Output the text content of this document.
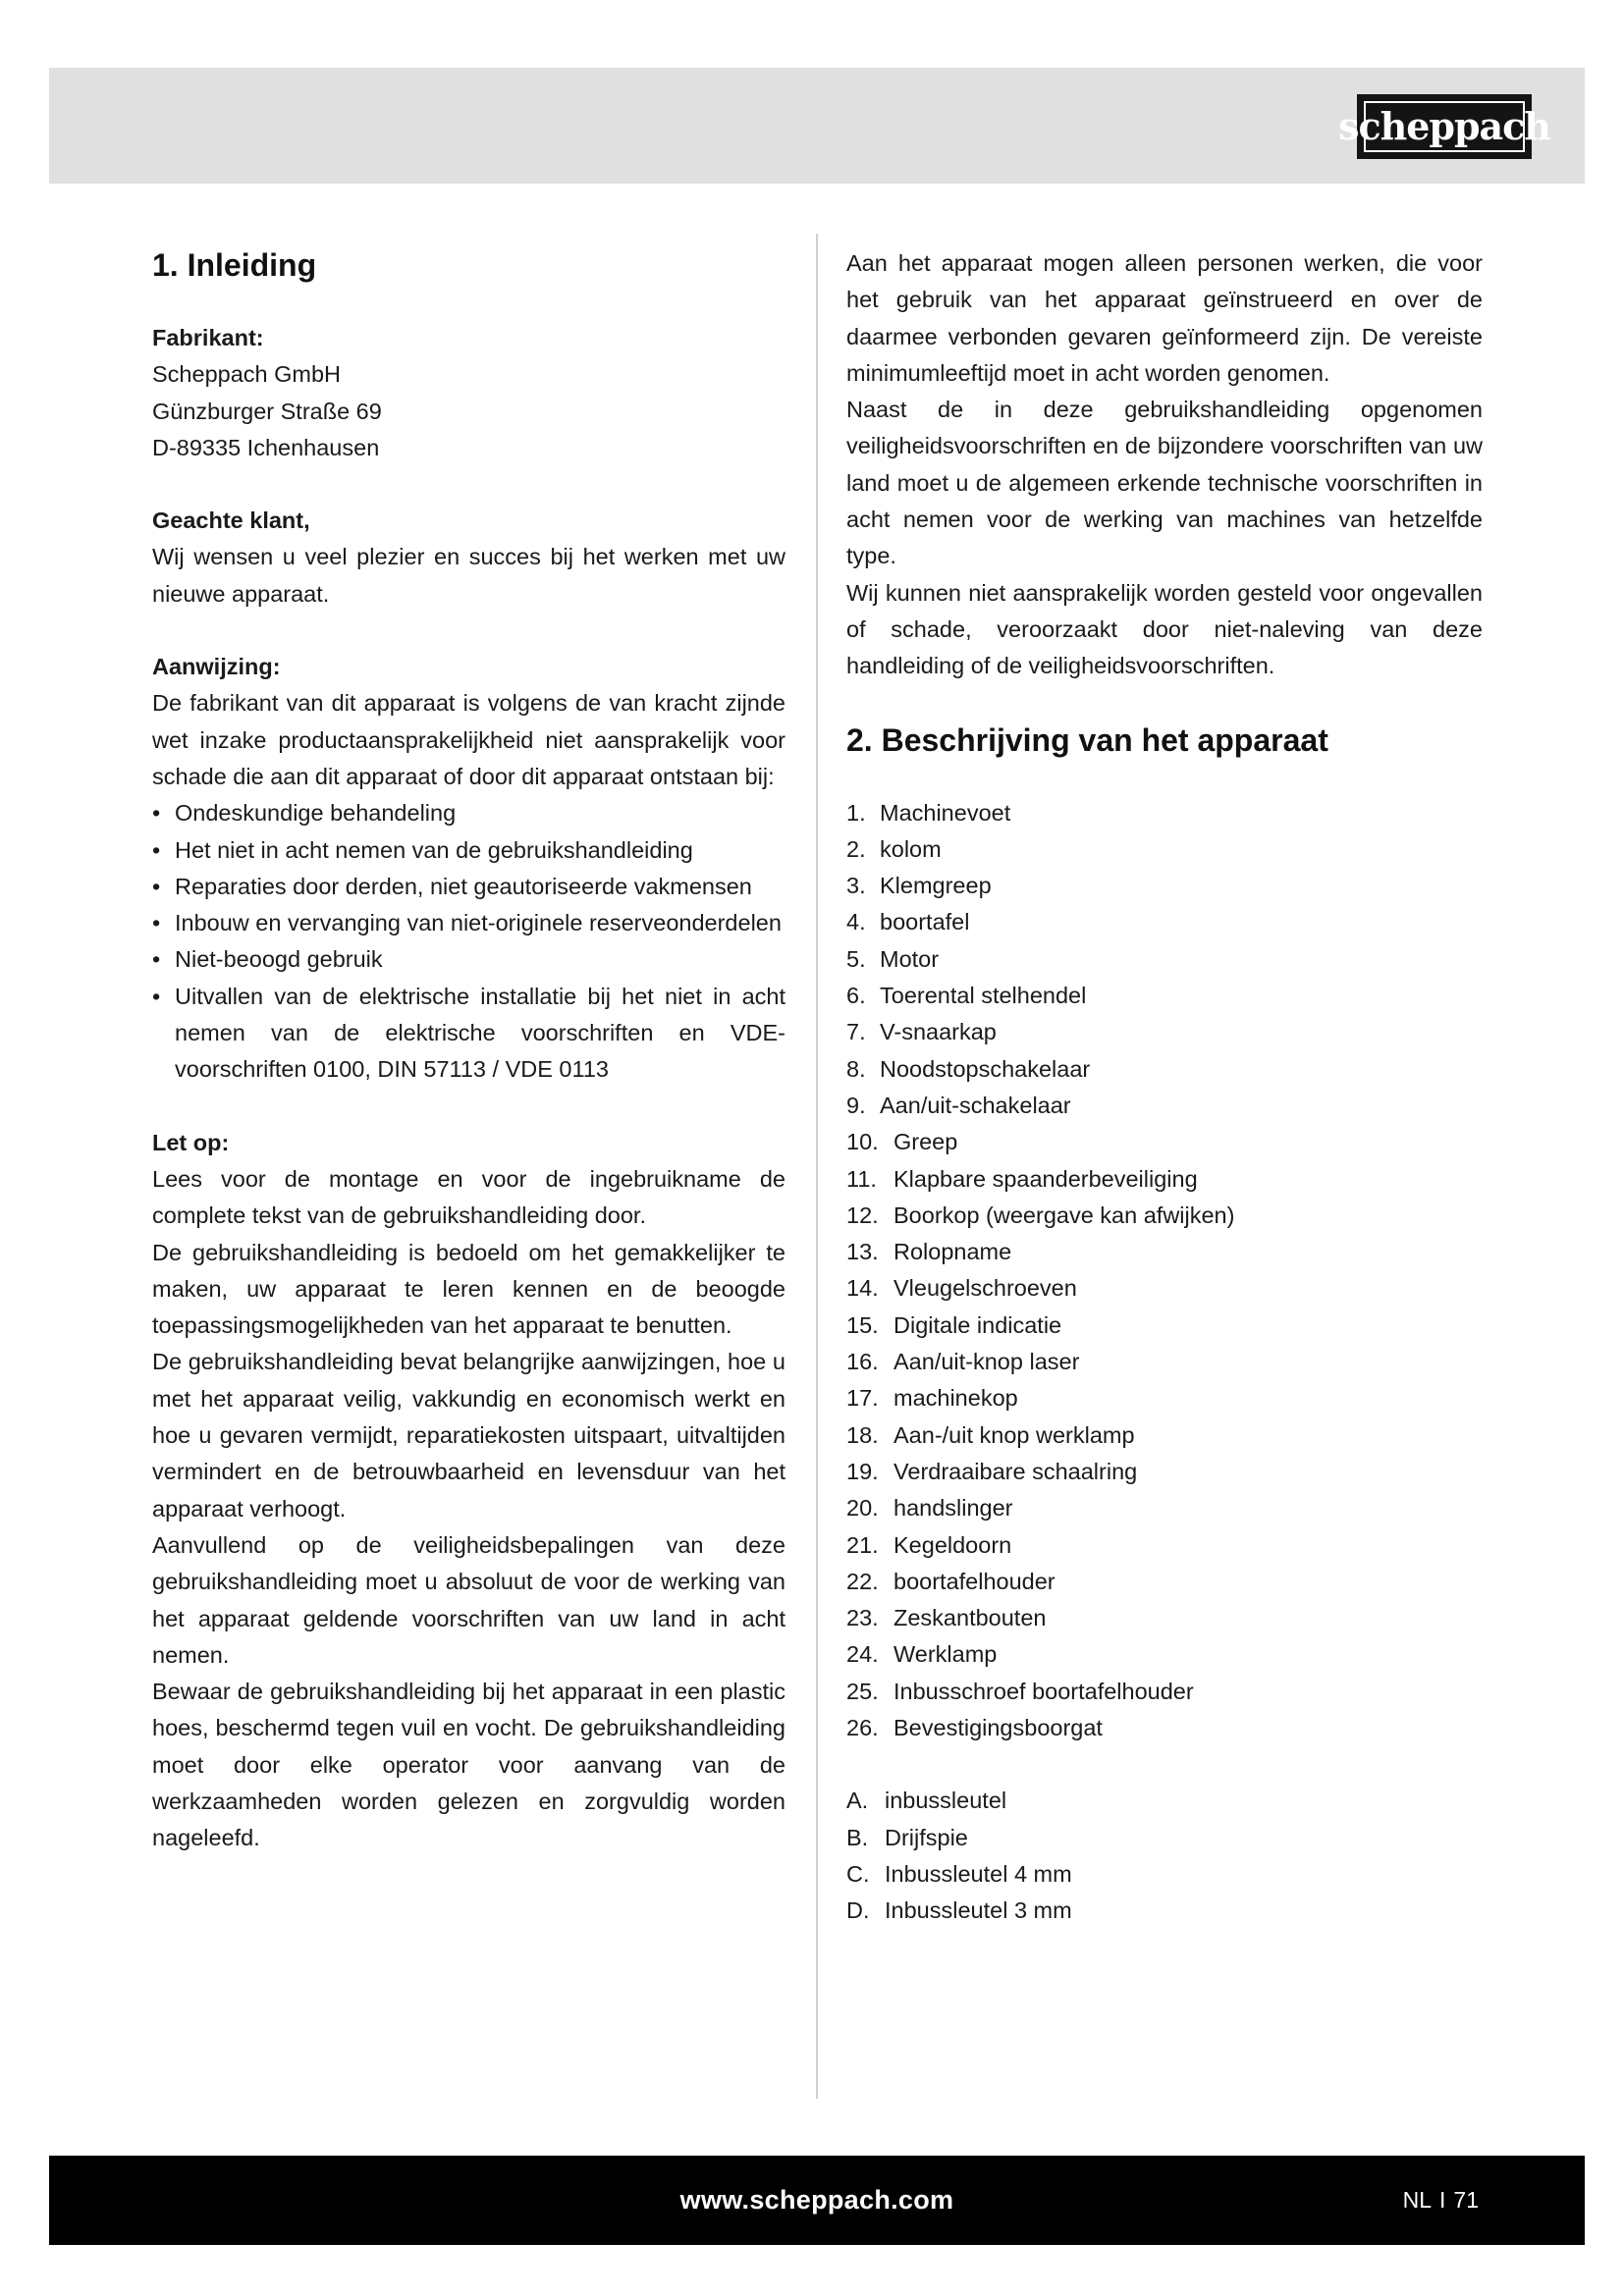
scheppach
1. Inleiding
Fabrikant:
Scheppach GmbH
Günzburger Straße 69
D-89335 Ichenhausen
Geachte klant,

Wij wensen u veel plezier en succes bij het werken met uw nieuwe apparaat.

Aanwijzing:

De fabrikant van dit apparaat is volgens de van kracht zijnde wet inzake productaansprakelijkheid niet aansprakelijk voor schade die aan dit apparaat of door dit apparaat ontstaan bij:

• Ondeskundige behandeling
• Het niet in acht nemen van de gebruikshandleiding
• Reparaties door derden, niet geautoriseerde vakmensen
• Inbouw en vervanging van niet-originele reserveonderdelen
• Niet-beoogd gebruik
• Uitvallen van de elektrische installatie bij het niet in acht nemen van de elektrische voorschriften en VDE-voorschriften 0100, DIN 57113 / VDE 0113
Let op:

Lees voor de montage en voor de ingebruikname de complete tekst van de gebruikshandleiding door.

De gebruikshandleiding is bedoeld om het gemakkelijker te maken, uw apparaat te leren kennen en de beoogde toepassingsmogelijkheden van het apparaat te benutten.

De gebruikshandleiding bevat belangrijke aanwijzingen, hoe u met het apparaat veilig, vakkundig en economisch werkt en hoe u gevaren vermijdt, reparatiekosten uitspaart, uitvaltijden vermindert en de betrouwbaarheid en levensduur van het apparaat verhoogt.

Aanvullend op de veiligheidsbepalingen van deze gebruikshandleiding moet u absoluut de voor de werking van het apparaat geldende voorschriften van uw land in acht nemen.

Bewaar de gebruikshandleiding bij het apparaat in een plastic hoes, beschermd tegen vuil en vocht. De gebruikshandleiding moet door elke operator voor aanvang van de werkzaamheden worden gelezen en zorgvuldig worden nageleefd.

Aan het apparaat mogen alleen personen werken, die voor het gebruik van het apparaat geïnstrueerd en over de daarmee verbonden gevaren geïnformeerd zijn. De vereiste minimumleeftijd moet in acht worden genomen.

Naast de in deze gebruikshandleiding opgenomen veiligheidsvoorschriften en de bijzondere voorschriften van uw land moet u de algemeen erkende technische voorschriften in acht nemen voor de werking van machines van hetzelfde type.

Wij kunnen niet aansprakelijk worden gesteld voor ongevallen of schade, veroorzaakt door niet-naleving van deze handleiding of de veiligheidsvoorschriften.

2. Beschrijving van het apparaat
1. Machinevoet
2. kolom
3. Klemgreep
4. boortafel
5. Motor
6. Toerental stelhendel
7. V-snaarkap
8. Noodstopschakelaar
9. Aan/uit-schakelaar
10. Greep
11. Klapbare spaanderbeveiliging
12. Boorkop (weergave kan afwijken)
13. Rolopname
14. Vleugelschroeven
15. Digitale indicatie
16. Aan/uit-knop laser
17. machinekop
18. Aan-/uit knop werklamp
19. Verdraaibare schaalring
20. handslinger
21. Kegeldoorn
22. boortafelhouder
23. Zeskantbouten
24. Werklamp
25. Inbusschroef boortafelhouder
26. Bevestigingsboorgat
A. inbussleutel
B. Drijfspie
C. Inbussleutel 4 mm
D. Inbussleutel 3 mm
www.scheppach.com	NL I 71
